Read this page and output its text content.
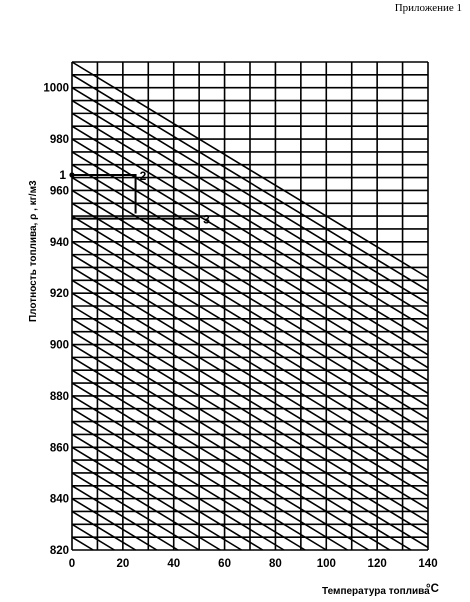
Приложение 1
0	20	40	60	80	100	120	140
820
840
860
880
900
920
940
960
980
1000
1	2
3
Плотность топлива, ρ , кг/м3
Температура топлива
°C
